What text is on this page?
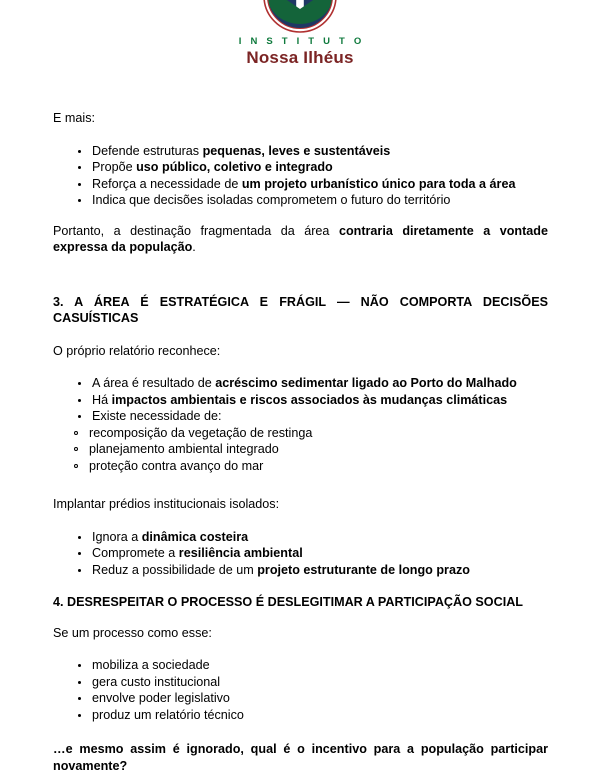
I N S T I T U T O
Nossa Ilhéus

E mais:

Defende estruturas pequenas, leves e sustentáveis
Propõe uso público, coletivo e integrado
Reforça a necessidade de um projeto urbanístico único para toda a área
Indica que decisões isoladas comprometem o futuro do território

Portanto, a destinação fragmentada da área contraria diretamente a vontade expressa da população.

3. A ÁREA É ESTRATÉGICA E FRÁGIL — NÃO COMPORTA DECISÕES CASUÍSTICAS

O próprio relatório reconhece:

A área é resultado de acréscimo sedimentar ligado ao Porto do Malhado
Há impactos ambientais e riscos associados às mudanças climáticas
Existe necessidade de:
recomposição da vegetação de restinga
planejamento ambiental integrado
proteção contra avanço do mar

Implantar prédios institucionais isolados:

Ignora a dinâmica costeira
Compromete a resiliência ambiental
Reduz a possibilidade de um projeto estruturante de longo prazo

4. DESRESPEITAR O PROCESSO É DESLEGITIMAR A PARTICIPAÇÃO SOCIAL

Se um processo como esse:

mobiliza a sociedade
gera custo institucional
envolve poder legislativo
produz um relatório técnico

…e mesmo assim é ignorado, qual é o incentivo para a população participar novamente?
